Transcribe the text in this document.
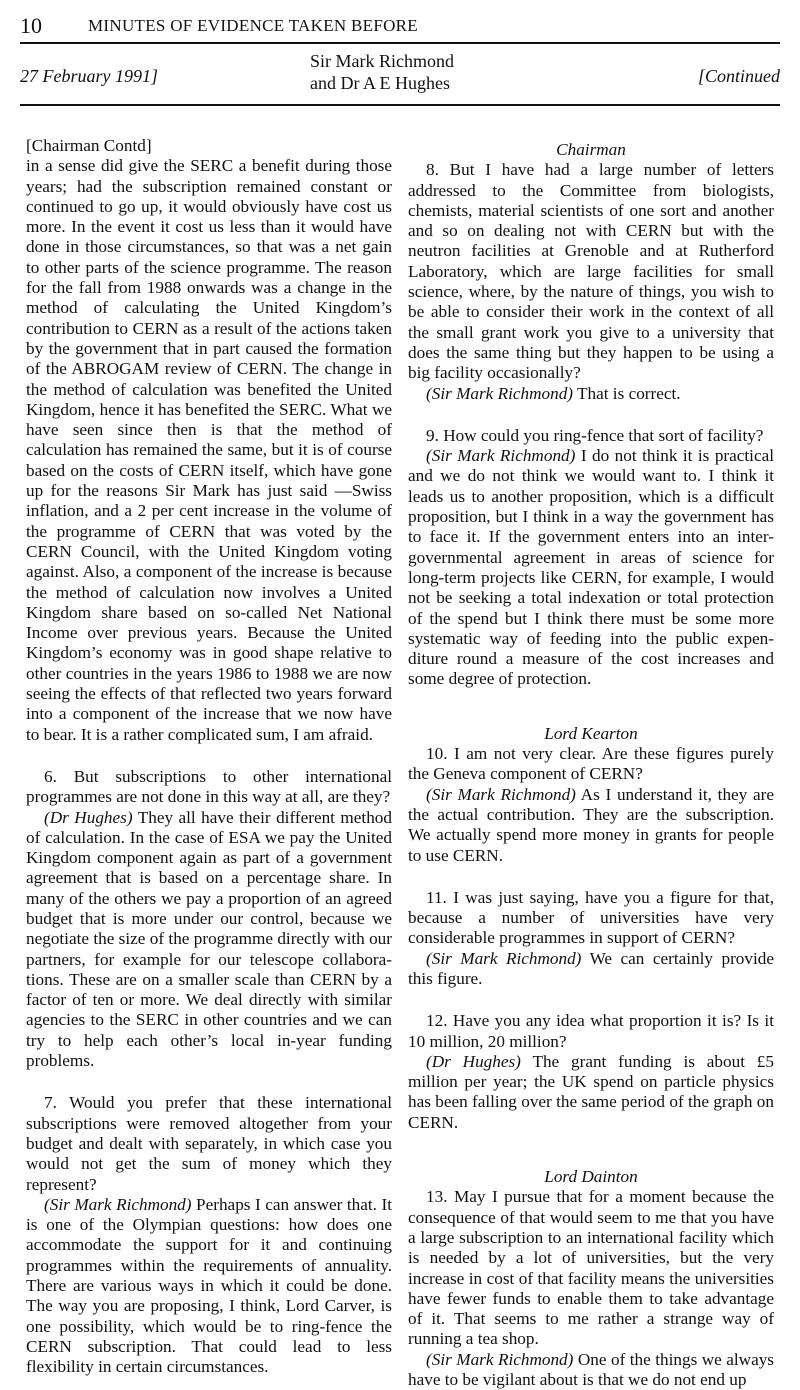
10	MINUTES OF EVIDENCE TAKEN BEFORE
27 February 1991]
Sir Mark Richmond
and Dr A E Hughes	[Continued

[Chairman Contd]

in a sense did give the SERC a benefit during those years; had the subscription remained constant or continued to go up, it would obviously have cost us more. In the event it cost us less than it would have done in those circumstances, so that was a net gain to other parts of the science programme. The reason for the fall from 1988 onwards was a change in the method of calculating the United Kingdom’s contribution to CERN as a result of the actions taken by the government that in part caused the formation of the ABROGAM review of CERN. The change in the method of calculation was benefited the United Kingdom, hence it has benefited the SERC. What we have seen since then is that the method of calculation has remained the same, but it is of course based on the costs of CERN itself, which have gone up for the reasons Sir Mark has just said —Swiss inflation, and a 2 per cent increase in the volume of the programme of CERN that was voted by the CERN Council, with the United Kingdom voting against. Also, a component of the increase is because the method of calculation now involves a United Kingdom share based on so-called Net National Income over previous years. Because the United Kingdom’s economy was in good shape relative to other countries in the years 1986 to 1988 we are now seeing the effects of that reflected two years forward into a component of the increase that we now have to bear. It is a rather complicated sum, I am afraid.

6. But subscriptions to other international programmes are not done in this way at all, are they?

(Dr Hughes) They all have their different method of calculation. In the case of ESA we pay the United Kingdom component again as part of a government agreement that is based on a percentage share. In many of the others we pay a proportion of an agreed budget that is more under our control, because we negotiate the size of the programme directly with our partners, for example for our telescope collaborations. These are on a smaller scale than CERN by a factor of ten or more. We deal directly with similar agencies to the SERC in other countries and we can try to help each other’s local in-year funding problems.

7. Would you prefer that these international subscriptions were removed altogether from your budget and dealt with separately, in which case you would not get the sum of money which they represent?

(Sir Mark Richmond) Perhaps I can answer that. It is one of the Olympian questions: how does one accommodate the support for it and continuing programmes within the requirements of annuality. There are various ways in which it could be done. The way you are proposing, I think, Lord Carver, is one possibility, which would be to ring-fence the CERN subscription. That could lead to less flexibility in certain circumstances.

Chairman

8. But I have had a large number of letters addressed to the Committee from biologists, chemists, material scientists of one sort and another and so on dealing not with CERN but with the neutron facilities at Grenoble and at Rutherford Laboratory, which are large facilities for small science, where, by the nature of things, you wish to be able to consider their work in the context of all the small grant work you give to a university that does the same thing but they happen to be using a big facility occasionally?

(Sir Mark Richmond) That is correct.

9. How could you ring-fence that sort of facility?

(Sir Mark Richmond) I do not think it is practical and we do not think we would want to. I think it leads us to another proposition, which is a difficult proposition, but I think in a way the government has to face it. If the government enters into an inter-governmental agreement in areas of science for long-term projects like CERN, for example, I would not be seeking a total indexation or total protection of the spend but I think there must be some more systematic way of feeding into the public expenditure round a measure of the cost increases and some degree of protection.

Lord Kearton

10. I am not very clear. Are these figures purely the Geneva component of CERN?

(Sir Mark Richmond) As I understand it, they are the actual contribution. They are the subscription. We actually spend more money in grants for people to use CERN.

11. I was just saying, have you a figure for that, because a number of universities have very considerable programmes in support of CERN?

(Sir Mark Richmond) We can certainly provide this figure.

12. Have you any idea what proportion it is? Is it 10 million, 20 million?

(Dr Hughes) The grant funding is about £5 million per year; the UK spend on particle physics has been falling over the same period of the graph on CERN.

Lord Dainton

13. May I pursue that for a moment because the consequence of that would seem to me that you have a large subscription to an international facility which is needed by a lot of universities, but the very increase in cost of that facility means the universities have fewer funds to enable them to take advantage of it. That seems to me rather a strange way of running a tea shop.

(Sir Mark Richmond) One of the things we always have to be vigilant about is that we do not end up
